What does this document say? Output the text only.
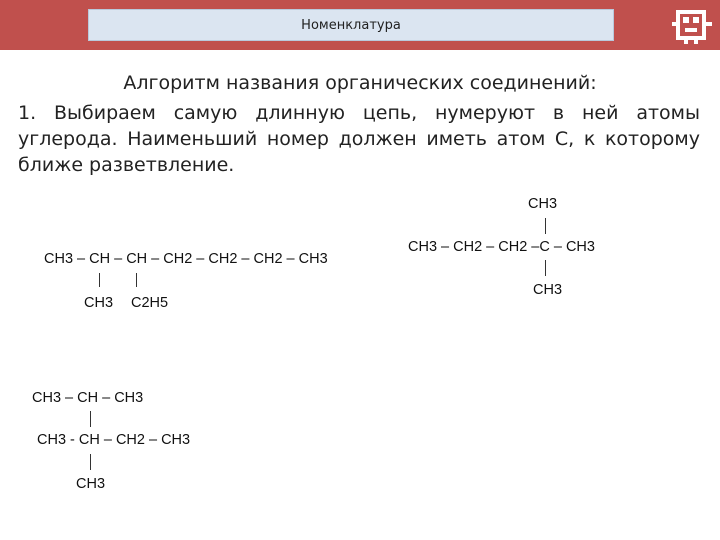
Номенклатура
Алгоритм названия органических соединений:
1. Выбираем самую длинную цепь, нумеруют в ней атомы углерода. Наименьший номер должен иметь атом С, к которому ближе разветвление.
CH3 – CH – CH – CH2 – CH2 – CH2 – CH3
CH3 C2H5
CH3
CH3 – CH2 – CH2 –C – CH3
CH3
CH3 – CH – CH3
CH3 - CH – CH2 – CH3
CH3
